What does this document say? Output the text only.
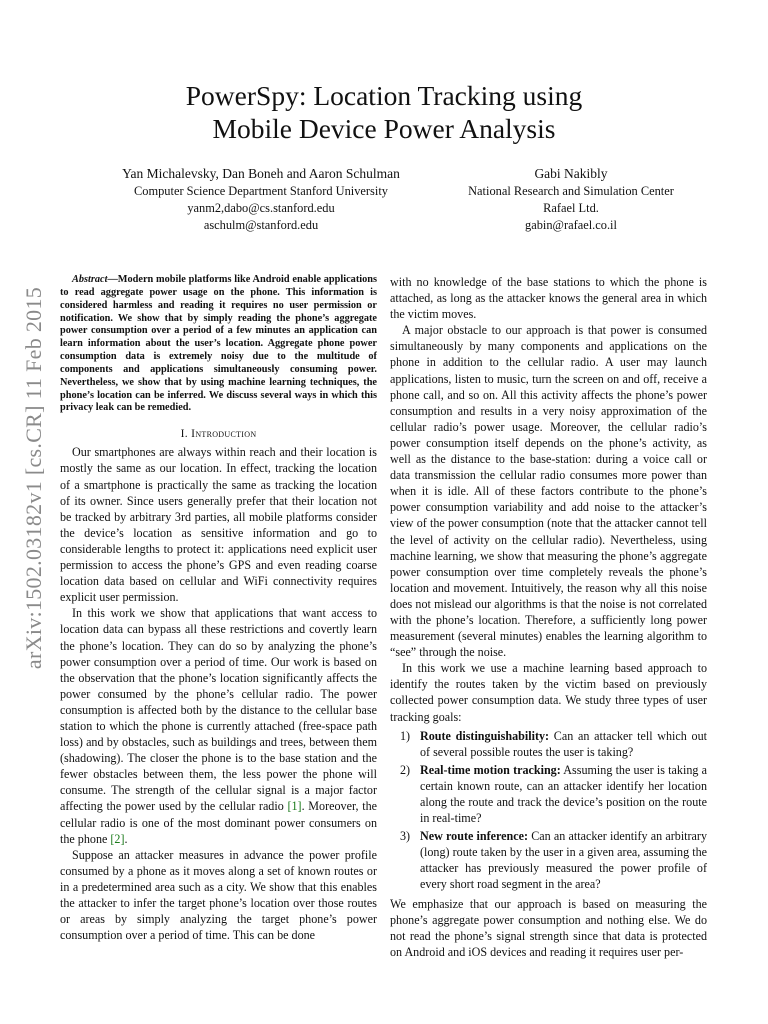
arXiv:1502.03182v1 [cs.CR] 11 Feb 2015
PowerSpy: Location Tracking using
Mobile Device Power Analysis
Yan Michalevsky, Dan Boneh and Aaron Schulman
Computer Science Department Stanford University
yanm2,dabo@cs.stanford.edu
aschulm@stanford.edu
Gabi Nakibly
National Research and Simulation Center
Rafael Ltd.
gabin@rafael.co.il

Abstract—Modern mobile platforms like Android enable applications to read aggregate power usage on the phone. This information is considered harmless and reading it requires no user permission or notification. We show that by simply reading the phone’s aggregate power consumption over a period of a few minutes an application can learn information about the user’s location. Aggregate phone power consumption data is extremely noisy due to the multitude of components and applications simultaneously consuming power. Nevertheless, we show that by using machine learning techniques, the phone’s location can be inferred. We discuss several ways in which this privacy leak can be remedied.

I. Introduction

Our smartphones are always within reach and their location is mostly the same as our location. In effect, tracking the location of a smartphone is practically the same as tracking the location of its owner. Since users generally prefer that their location not be tracked by arbitrary 3rd parties, all mobile platforms consider the device’s location as sensitive information and go to considerable lengths to protect it: applications need explicit user permission to access the phone’s GPS and even reading coarse location data based on cellular and WiFi connectivity requires explicit user permission.

In this work we show that applications that want access to location data can bypass all these restrictions and covertly learn the phone’s location. They can do so by analyzing the phone’s power consumption over a period of time. Our work is based on the observation that the phone’s location significantly affects the power consumed by the phone’s cellular radio. The power consumption is affected both by the distance to the cellular base station to which the phone is currently attached (free-space path loss) and by obstacles, such as buildings and trees, between them (shadowing). The closer the phone is to the base station and the fewer obstacles between them, the less power the phone will consume. The strength of the cellular signal is a major factor affecting the power used by the cellular radio [1]. Moreover, the cellular radio is one of the most dominant power consumers on the phone [2].

Suppose an attacker measures in advance the power profile consumed by a phone as it moves along a set of known routes or in a predetermined area such as a city. We show that this enables the attacker to infer the target phone’s location over those routes or areas by simply analyzing the target phone’s power consumption over a period of time. This can be done

with no knowledge of the base stations to which the phone is attached, as long as the attacker knows the general area in which the victim moves.

A major obstacle to our approach is that power is consumed simultaneously by many components and applications on the phone in addition to the cellular radio. A user may launch applications, listen to music, turn the screen on and off, receive a phone call, and so on. All this activity affects the phone’s power consumption and results in a very noisy approximation of the cellular radio’s power usage. Moreover, the cellular radio’s power consumption itself depends on the phone’s activity, as well as the distance to the base-station: during a voice call or data transmission the cellular radio consumes more power than when it is idle. All of these factors contribute to the phone’s power consumption variability and add noise to the attacker’s view of the power consumption (note that the attacker cannot tell the level of activity on the cellular radio). Nevertheless, using machine learning, we show that measuring the phone’s aggregate power consumption over time completely reveals the phone’s location and movement. Intuitively, the reason why all this noise does not mislead our algorithms is that the noise is not correlated with the phone’s location. Therefore, a sufficiently long power measurement (several minutes) enables the learning algorithm to “see” through the noise.

In this work we use a machine learning based approach to identify the routes taken by the victim based on previously collected power consumption data. We study three types of user tracking goals:

1) Route distinguishability: Can an attacker tell which out of several possible routes the user is taking?
2) Real-time motion tracking: Assuming the user is taking a certain known route, can an attacker identify her location along the route and track the device’s position on the route in real-time?
3) New route inference: Can an attacker identify an arbitrary (long) route taken by the user in a given area, assuming the attacker has previously measured the power profile of every short road segment in the area?

We emphasize that our approach is based on measuring the phone’s aggregate power consumption and nothing else. We do not read the phone’s signal strength since that data is protected on Android and iOS devices and reading it requires user per-
